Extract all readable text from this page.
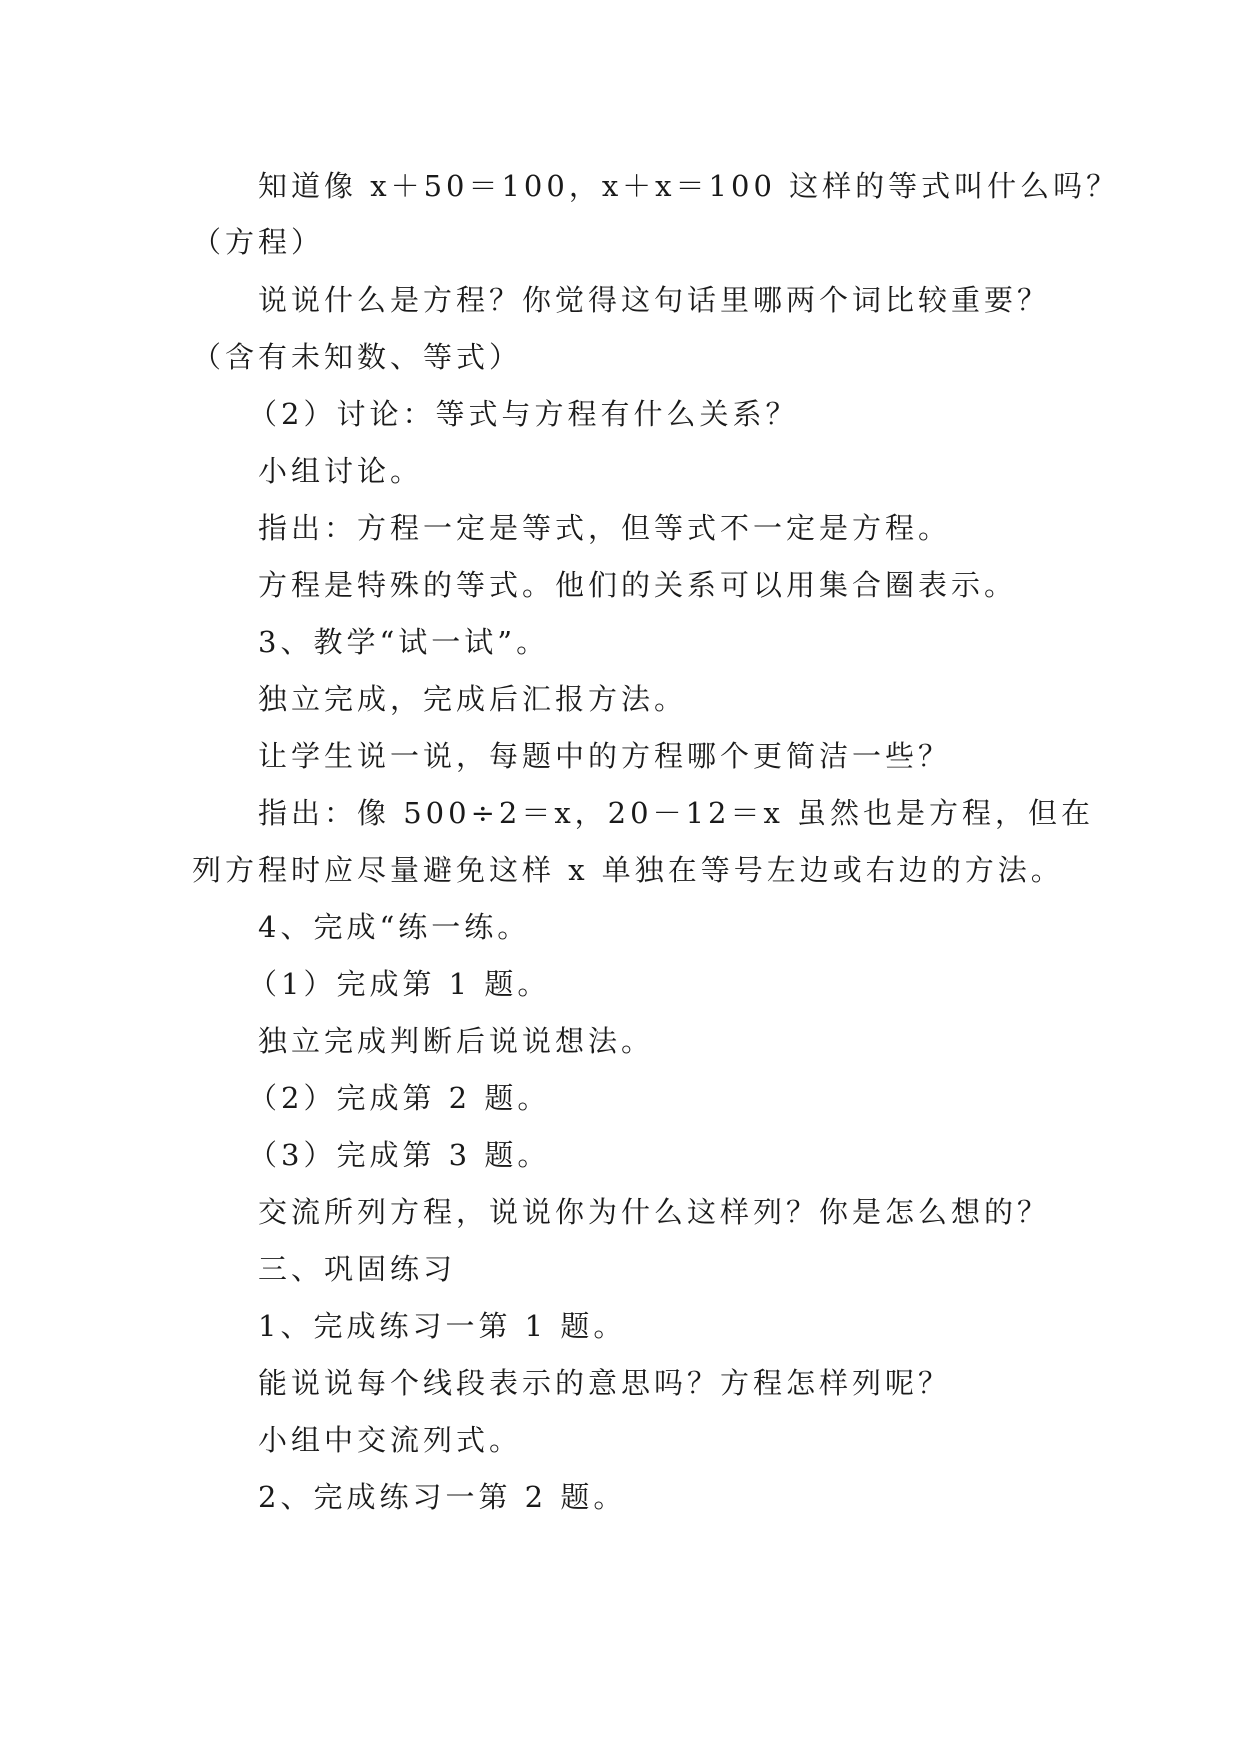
知道像 x＋50＝100，x＋x＝100 这样的等式叫什么吗？
（方程）
说说什么是方程？你觉得这句话里哪两个词比较重要？
（含有未知数、等式）
（2）讨论：等式与方程有什么关系？
小组讨论。
指出：方程一定是等式，但等式不一定是方程。
方程是特殊的等式。他们的关系可以用集合圈表示。
3、教学“试一试”。
独立完成，完成后汇报方法。
让学生说一说，每题中的方程哪个更简洁一些？
指出：像 500÷2＝x，20－12＝x 虽然也是方程，但在
列方程时应尽量避免这样 x 单独在等号左边或右边的方法。
4、完成“练一练。
（1）完成第 1 题。
独立完成判断后说说想法。
（2）完成第 2 题。
（3）完成第 3 题。
交流所列方程，说说你为什么这样列？你是怎么想的？
三、巩固练习
1、完成练习一第 1 题。
能说说每个线段表示的意思吗？方程怎样列呢？
小组中交流列式。
2、完成练习一第 2 题。
